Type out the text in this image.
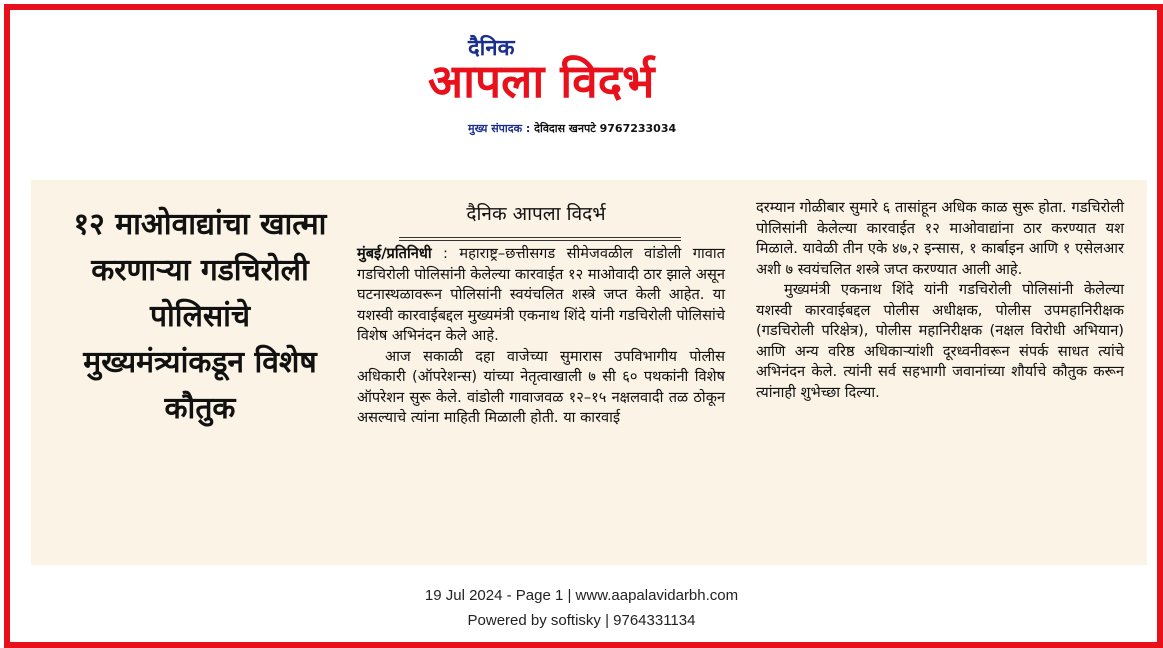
दैनिक
आपला विदर्भ
मुख्य संपादक : देविदास खनपटे 9767233034
१२ माओवाद्यांचा खात्मा करणाऱ्या गडचिरोली पोलिसांचे मुख्यमंत्र्यांकडून विशेष कौतुक
दैनिक आपला विदर्भ

मुंबई/प्रतिनिधी : महाराष्ट्र–छत्तीसगड सीमेजवळील वांडोली गावात गडचिरोली पोलिसांनी केलेल्या कारवाईत १२ माओवादी ठार झाले असून घटनास्थळावरून पोलिसांनी स्वयंचलित शस्त्रे जप्त केली आहेत. या यशस्वी कारवाईबद्दल मुख्यमंत्री एकनाथ शिंदे यांनी गडचिरोली पोलिसांचे विशेष अभिनंदन केले आहे.

आज सकाळी दहा वाजेच्या सुमारास उपविभागीय पोलीस अधिकारी (ऑपरेशन्स) यांच्या नेतृत्वाखाली ७ सी ६० पथकांनी विशेष ऑपरेशन सुरू केले. वांडोली गावाजवळ १२–१५ नक्षलवादी तळ ठोकून असल्याचे त्यांना माहिती मिळाली होती. या कारवाई

दरम्यान गोळीबार सुमारे ६ तासांहून अधिक काळ सुरू होता. गडचिरोली पोलिसांनी केलेल्या कारवाईत १२ माओवाद्यांना ठार करण्यात यश मिळाले. यावेळी तीन एके ४७,२ इन्सास, १ कार्बाइन आणि १ एसेलआर अशी ७ स्वयंचलित शस्त्रे जप्त करण्यात आली आहे.

मुख्यमंत्री एकनाथ शिंदे यांनी गडचिरोली पोलिसांनी केलेल्या यशस्वी कारवाईबद्दल पोलीस अधीक्षक, पोलीस उपमहानिरीक्षक (गडचिरोली परिक्षेत्र), पोलीस महानिरीक्षक (नक्षल विरोधी अभियान) आणि अन्य वरिष्ठ अधिकाऱ्यांशी दूरध्वनीवरून संपर्क साधत त्यांचे अभिनंदन केले. त्यांनी सर्व सहभागी जवानांच्या शौर्याचे कौतुक करून त्यांनाही शुभेच्छा दिल्या.

19 Jul 2024 - Page 1 | www.aapalavidarbh.com
Powered by softisky | 9764331134
